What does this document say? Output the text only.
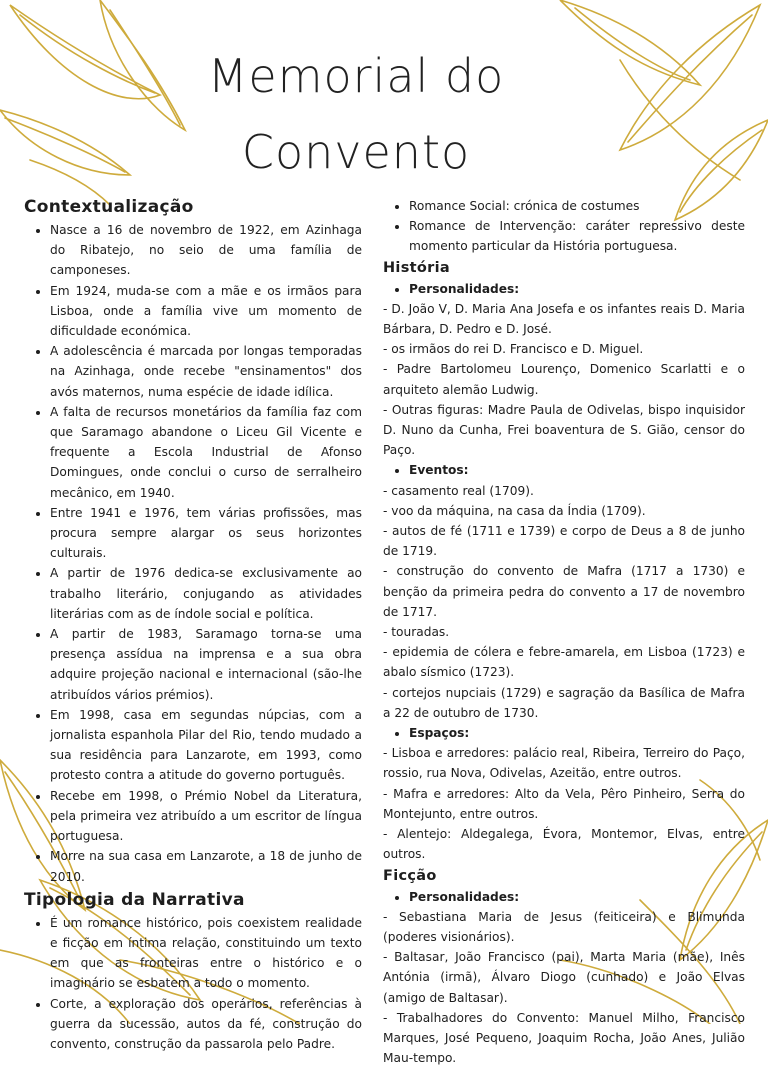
Memorial do
Convento
Contextualização
• Nasce a 16 de novembro de 1922, em Azinhaga do Ribatejo, no seio de uma família de camponeses.
• Em 1924, muda-se com a mãe e os irmãos para Lisboa, onde a família vive um momento de dificuldade económica.
• A adolescência é marcada por longas temporadas na Azinhaga, onde recebe "ensinamentos" dos avós maternos, numa espécie de idade idílica.
• A falta de recursos monetários da família faz com que Saramago abandone o Liceu Gil Vicente e frequente a Escola Industrial de Afonso Domingues, onde conclui o curso de serralheiro mecânico, em 1940.
• Entre 1941 e 1976, tem várias profissões, mas procura sempre alargar os seus horizontes culturais.
• A partir de 1976 dedica-se exclusivamente ao trabalho literário, conjugando as atividades literárias com as de índole social e política.
• A partir de 1983, Saramago torna-se uma presença assídua na imprensa e a sua obra adquire projeção nacional e internacional (são-lhe atribuídos vários prémios).
• Em 1998, casa em segundas núpcias, com a jornalista espanhola Pilar del Rio, tendo mudado a sua residência para Lanzarote, em 1993, como protesto contra a atitude do governo português.
• Recebe em 1998, o Prémio Nobel da Literatura, pela primeira vez atribuído a um escritor de língua portuguesa.
• Morre na sua casa em Lanzarote, a 18 de junho de 2010.
Tipologia da Narrativa
• É um romance histórico, pois coexistem realidade e ficção em íntima relação, constituindo um texto em que as fronteiras entre o histórico e o imaginário se esbatem a todo o momento.
• Corte, a exploração dos operários, referências à guerra da sucessão, autos da fé, construção do convento, construção da passarola pelo Padre.
• Romance Social: crónica de costumes
• Romance de Intervenção: caráter repressivo deste momento particular da História portuguesa.
História
• Personalidades:

- D. João V, D. Maria Ana Josefa e os infantes reais D. Maria Bárbara, D. Pedro e D. José.

- os irmãos do rei D. Francisco e D. Miguel.

- Padre Bartolomeu Lourenço, Domenico Scarlatti e o arquiteto alemão Ludwig.

- Outras figuras: Madre Paula de Odivelas, bispo inquisidor D. Nuno da Cunha, Frei boaventura de S. Gião, censor do Paço.

• Eventos:

- casamento real (1709).

- voo da máquina, na casa da Índia (1709).

- autos de fé (1711 e 1739) e corpo de Deus a 8 de junho de 1719.

- construção do convento de Mafra (1717 a 1730) e benção da primeira pedra do convento a 17 de novembro de 1717.

- touradas.

- epidemia de cólera e febre-amarela, em Lisboa (1723) e abalo sísmico (1723).

- cortejos nupciais (1729) e sagração da Basílica de Mafra a 22 de outubro de 1730.

• Espaços:

- Lisboa e arredores: palácio real, Ribeira, Terreiro do Paço, rossio, rua Nova, Odivelas, Azeitão, entre outros.

- Mafra e arredores: Alto da Vela, Pêro Pinheiro, Serra do Montejunto, entre outros.

- Alentejo: Aldegalega, Évora, Montemor, Elvas, entre outros.

Ficção
• Personalidades:

- Sebastiana Maria de Jesus (feiticeira) e Blimunda (poderes visionários).

- Baltasar, João Francisco (pai), Marta Maria (mãe), Inês Antónia (irmã), Álvaro Diogo (cunhado) e João Elvas (amigo de Baltasar).

- Trabalhadores do Convento: Manuel Milho, Francisco Marques, José Pequeno, Joaquim Rocha, João Anes, Julião Mau-tempo.
